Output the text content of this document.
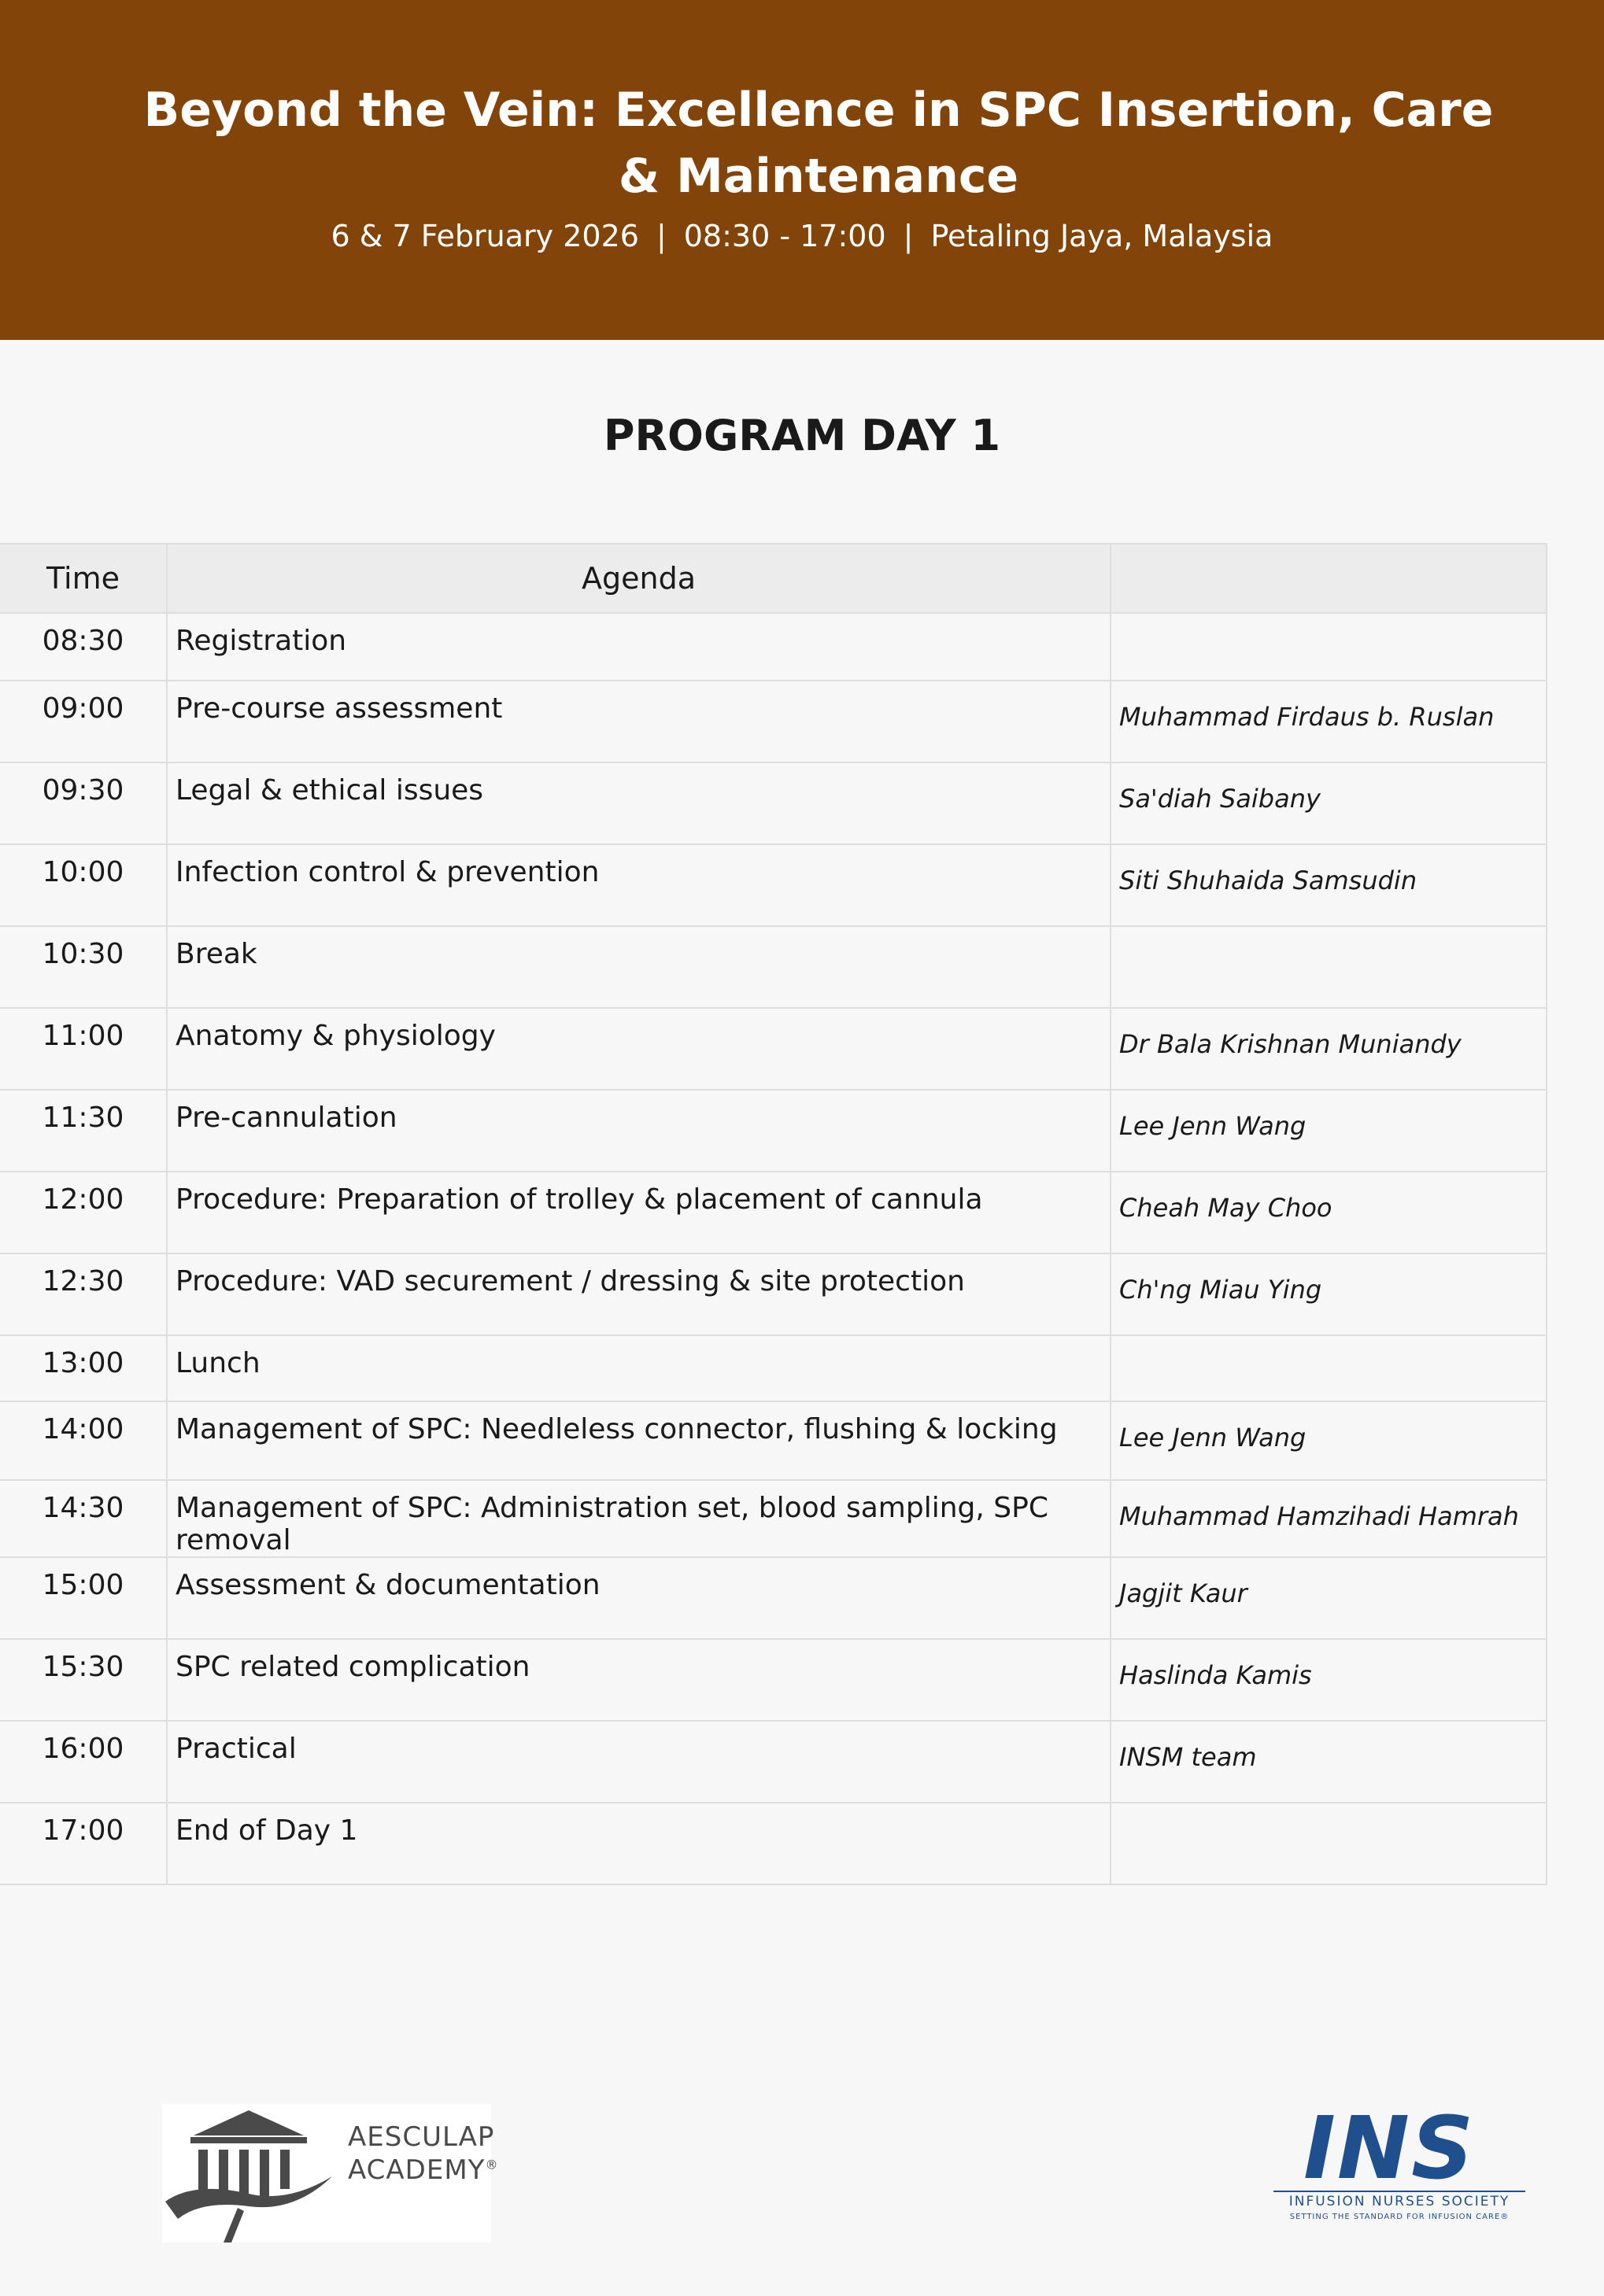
Beyond the Vein: Excellence in SPC Insertion, Care & Maintenance
6 & 7 February 2026 | 08:30 - 17:00 | Petaling Jaya, Malaysia
PROGRAM DAY 1
Time	Agenda	
08:30	Registration	
09:00	Pre-course assessment	Muhammad Firdaus b. Ruslan
09:30	Legal & ethical issues	Sa'diah Saibany
10:00	Infection control & prevention	Siti Shuhaida Samsudin
10:30	Break	
11:00	Anatomy & physiology	Dr Bala Krishnan Muniandy
11:30	Pre-cannulation	Lee Jenn Wang
12:00	Procedure: Preparation of trolley & placement of cannula	Cheah May Choo
12:30	Procedure: VAD securement / dressing & site protection	Ch'ng Miau Ying
13:00	Lunch	
14:00	Management of SPC: Needleless connector, flushing & locking	Lee Jenn Wang
14:30	Management of SPC: Administration set, blood sampling, SPC removal	Muhammad Hamzihadi Hamrah
15:00	Assessment & documentation	Jagjit Kaur
15:30	SPC related complication	Haslinda Kamis
16:00	Practical	INSM team
17:00	End of Day 1	
AESCULAP
ACADEMY®	INS
INFUSION NURSES SOCIETY
SETTING THE STANDARD FOR INFUSION CARE®
